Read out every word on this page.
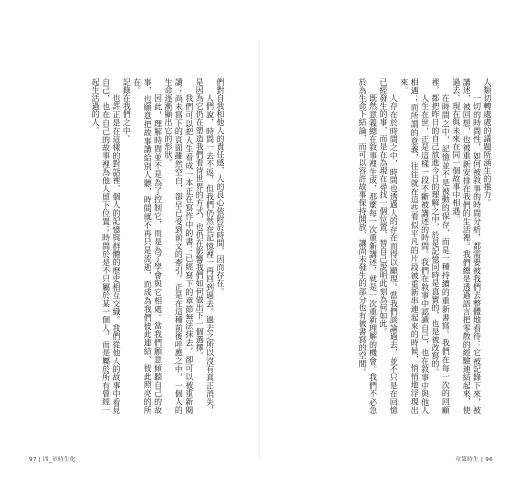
們對自我和他人的責任感，人的良心依附於時間，因而存在。

人們說，時間一去不返，但我們仍然在記憶裡一再回到過去。過去之所以沒有真正消失，是因為它仍在塑造我們看待世界的方式，也仍在影響我們如何做出下一個選擇。

我們可以把人生看成一本正在寫作中的書：已經寫下的章節無法抹去，卻可以被重新閱讀；尚未寫下的頁面雖然空白，卻早已受到前文的牽引。正是在這種前後呼應之中，一個人的生命逐漸顯出它的形狀。

因此，理解時間並不是為了控制它，而是為了學會與它相處。當我們願意傾聽自己的故事，也願意把故事講給別人聽，時間就不再只是流逝，而成為我們彼此連結、彼此照亮的所在。

記錄在我們之中。

也許正是在這樣的對話裡，個人的記憶與群體的歷史相互交織。我們從他人的故事中看見自己，也在自己的故事裡為他人留下位置；時間於是不只屬於某一個人，而是屬於所有曾經一起生活過的人。

97 | 四_章時生化

人類切轉處處的議題所涵生的推力。

一切的時間性，如何被敘事的時間分析，都需要被我們去整體地看待：它被記錄下來，被講述，被回想，也被重新安排在我們的生活裡。我們總是透過語言把零散的經驗連結起來，使過去、現在與未來在同一個故事中相遇。

在時間之中，記憶並不是被動的保存，而是一種持續的重新書寫。我們在每一次的回顧裡，都把昨日的自己放進今日的理解之中，於是記憶同時是真實的，也是被改寫的。

人生在世，正是這樣一段不斷被講述的時間。我們在敘事中認識自己，也在敘事中與他人相遇；而所謂的意義，往往就在這些看似平凡的片段被重新串連起來的時候，悄悄地浮現出來。

人存在於時間之中，時間也透過人的存在而得以顯現。當我們談論過去，並不只是在回憶已經發生的事，而是在為現在尋找一個位置，替自己說明此刻為何如此。

既然意義總在敘事裡生成，那麼每一次重新講述，就是一次重新理解的機會。我們不必急於為生命下結論，而可以容許故事保持開放，讓尚未發生的部分也有被書寫的空間。

章第時生 | 96
